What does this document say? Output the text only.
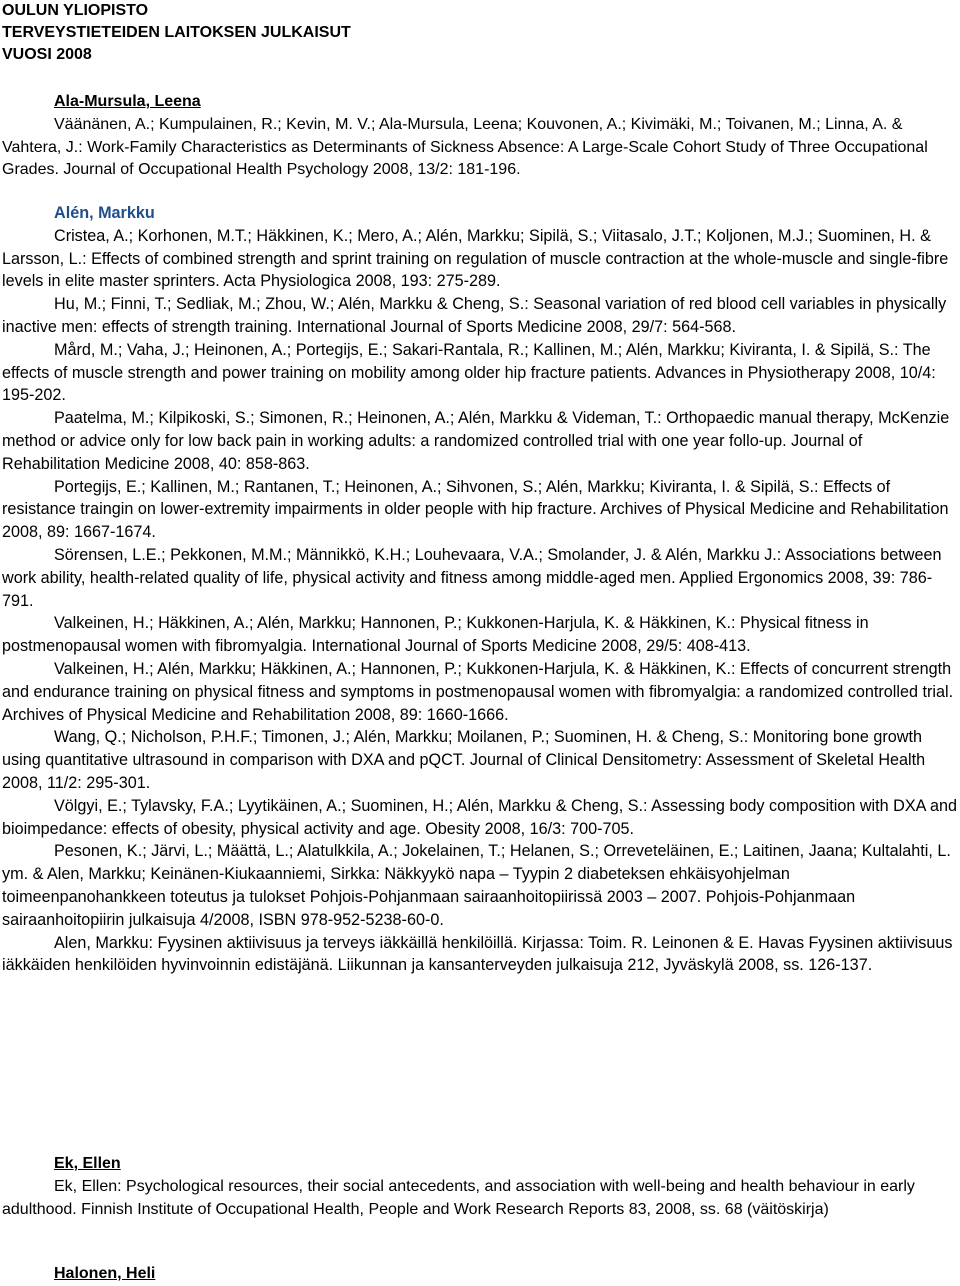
OULUN YLIOPISTO
TERVEYSTIETEIDEN LAITOKSEN JULKAISUT
VUOSI 2008
Ala-Mursula, Leena

Väänänen, A.; Kumpulainen, R.; Kevin, M. V.; Ala-Mursula, Leena; Kouvonen, A.; Kivimäki, M.; Toivanen, M.; Linna, A. & Vahtera, J.: Work-Family Characteristics as Determinants of Sickness Absence: A Large-Scale Cohort Study of Three Occupational Grades. Journal of Occupational Health Psychology 2008, 13/2: 181-196.

Alén, Markku

Cristea, A.; Korhonen, M.T.; Häkkinen, K.; Mero, A.; Alén, Markku; Sipilä, S.; Viitasalo, J.T.; Koljonen, M.J.; Suominen, H. & Larsson, L.: Effects of combined strength and sprint training on regulation of muscle contraction at the whole-muscle and single-fibre levels in elite master sprinters. Acta Physiologica 2008, 193: 275-289.

Hu, M.; Finni, T.; Sedliak, M.; Zhou, W.; Alén, Markku & Cheng, S.: Seasonal variation of red blood cell variables in physically inactive men: effects of strength training. International Journal of Sports Medicine 2008, 29/7: 564-568.

Mård, M.; Vaha, J.; Heinonen, A.; Portegijs, E.; Sakari-Rantala, R.; Kallinen, M.; Alén, Markku; Kiviranta, I. & Sipilä, S.: The effects of muscle strength and power training on mobility among older hip fracture patients. Advances in Physiotherapy 2008, 10/4: 195-202.

Paatelma, M.; Kilpikoski, S.; Simonen, R.; Heinonen, A.; Alén, Markku & Videman, T.: Orthopaedic manual therapy, McKenzie method or advice only for low back pain in working adults: a randomized controlled trial with one year follo-up. Journal of Rehabilitation Medicine 2008, 40: 858-863.

Portegijs, E.; Kallinen, M.; Rantanen, T.; Heinonen, A.; Sihvonen, S.; Alén, Markku; Kiviranta, I. & Sipilä, S.: Effects of resistance traingin on lower-extremity impairments in older people with hip fracture. Archives of Physical Medicine and Rehabilitation 2008, 89: 1667-1674.

Sörensen, L.E.; Pekkonen, M.M.; Männikkö, K.H.; Louhevaara, V.A.; Smolander, J. & Alén, Markku J.: Associations between work ability, health-related quality of life, physical activity and fitness among middle-aged men. Applied Ergonomics 2008, 39: 786-791.

Valkeinen, H.; Häkkinen, A.; Alén, Markku; Hannonen, P.; Kukkonen-Harjula, K. & Häkkinen, K.: Physical fitness in postmenopausal women with fibromyalgia. International Journal of Sports Medicine 2008, 29/5: 408-413.

Valkeinen, H.; Alén, Markku; Häkkinen, A.; Hannonen, P.; Kukkonen-Harjula, K. & Häkkinen, K.: Effects of concurrent strength and endurance training on physical fitness and symptoms in postmenopausal women with fibromyalgia: a randomized controlled trial. Archives of Physical Medicine and Rehabilitation 2008, 89: 1660-1666.

Wang, Q.; Nicholson, P.H.F.; Timonen, J.; Alén, Markku; Moilanen, P.; Suominen, H. & Cheng, S.: Monitoring bone growth using quantitative ultrasound in comparison with DXA and pQCT. Journal of Clinical Densitometry: Assessment of Skeletal Health 2008, 11/2: 295-301.

Völgyi, E.; Tylavsky, F.A.; Lyytikäinen, A.; Suominen, H.; Alén, Markku & Cheng, S.: Assessing body composition with DXA and bioimpedance: effects of obesity, physical activity and age. Obesity 2008, 16/3: 700-705.

Pesonen, K.; Järvi, L.; Määttä, L.; Alatulkkila, A.; Jokelainen, T.; Helanen, S.; Orreveteläinen, E.; Laitinen, Jaana; Kultalahti, L. ym. & Alen, Markku; Keinänen-Kiukaanniemi, Sirkka: Näkkyykö napa – Tyypin 2 diabeteksen ehkäisyohjelman toimeenpanohankkeen toteutus ja tulokset Pohjois-Pohjanmaan sairaanhoitopiirissä 2003 – 2007. Pohjois-Pohjanmaan sairaanhoitopiirin julkaisuja 4/2008, ISBN 978-952-5238-60-0.

Alen, Markku: Fyysinen aktiivisuus ja terveys iäkkäillä henkilöillä. Kirjassa: Toim. R. Leinonen & E. Havas Fyysinen aktiivisuus iäkkäiden henkilöiden hyvinvoinnin edistäjänä. Liikunnan ja kansanterveyden julkaisuja 212, Jyväskylä 2008, ss. 126-137.

Ek, Ellen

Ek, Ellen: Psychological resources, their social antecedents, and association with well-being and health behaviour in early adulthood. Finnish Institute of Occupational Health, People and Work Research Reports 83, 2008, ss. 68 (väitöskirja)

Halonen, Heli
